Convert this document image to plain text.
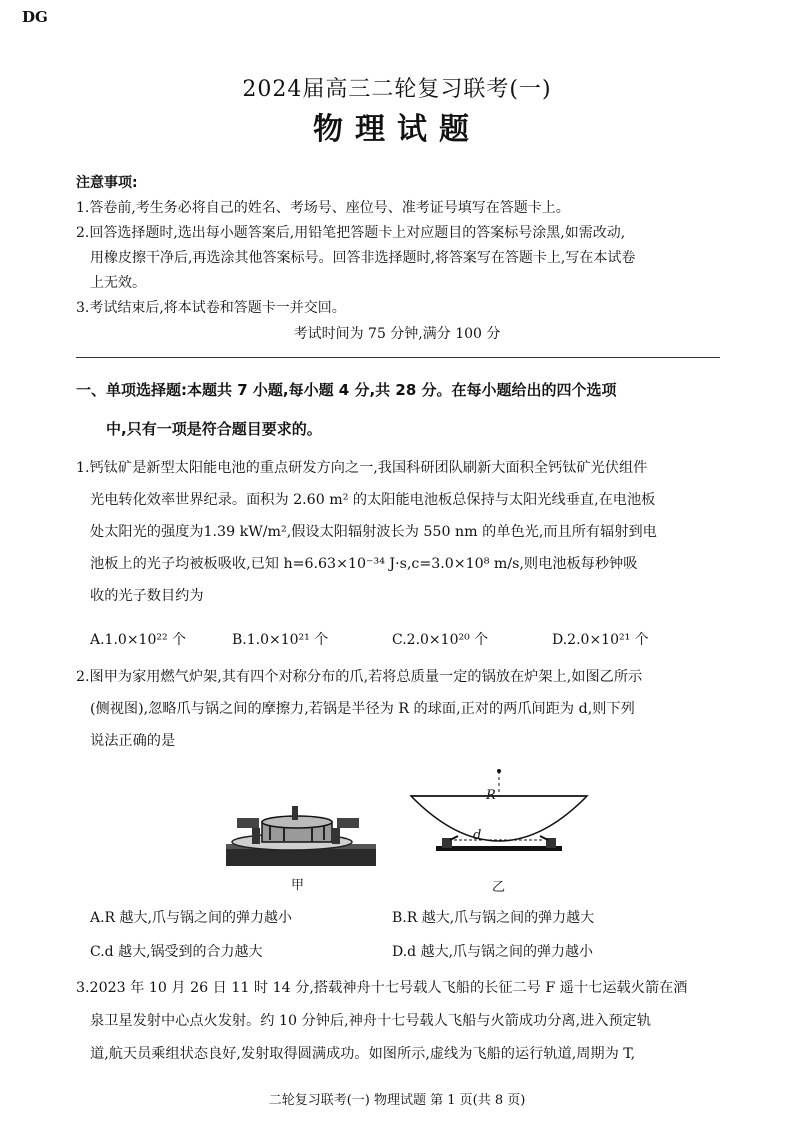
DG
2024届高三二轮复习联考(一)
物理试题
注意事项:
1.答卷前,考生务必将自己的姓名、考场号、座位号、准考证号填写在答题卡上。
2.回答选择题时,选出每小题答案后,用铅笔把答题卡上对应题目的答案标号涂黑,如需改动,
用橡皮擦干净后,再选涂其他答案标号。回答非选择题时,将答案写在答题卡上,写在本试卷
上无效。
3.考试结束后,将本试卷和答题卡一并交回。
考试时间为 75 分钟,满分 100 分
一、单项选择题:本题共 7 小题,每小题 4 分,共 28 分。在每小题给出的四个选项
中,只有一项是符合题目要求的。
1.钙钛矿是新型太阳能电池的重点研发方向之一,我国科研团队刷新大面积全钙钛矿光伏组件
光电转化效率世界纪录。面积为 2.60 m² 的太阳能电池板总保持与太阳光线垂直,在电池板
处太阳光的强度为1.39 kW/m²,假设太阳辐射波长为 550 nm 的单色光,而且所有辐射到电
池板上的光子均被板吸收,已知 h=6.63×10⁻³⁴ J·s,c=3.0×10⁸ m/s,则电池板每秒钟吸
收的光子数目约为
A.1.0×10²² 个	B.1.0×10²¹ 个	C.2.0×10²⁰ 个	D.2.0×10²¹ 个
2.图甲为家用燃气炉架,其有四个对称分布的爪,若将总质量一定的锅放在炉架上,如图乙所示
(侧视图),忽略爪与锅之间的摩擦力,若锅是半径为 R 的球面,正对的两爪间距为 d,则下列
说法正确的是
甲
R
d
乙
A.R 越大,爪与锅之间的弹力越小	B.R 越大,爪与锅之间的弹力越大
C.d 越大,锅受到的合力越大	D.d 越大,爪与锅之间的弹力越小
3.2023 年 10 月 26 日 11 时 14 分,搭载神舟十七号载人飞船的长征二号 F 遥十七运载火箭在酒
泉卫星发射中心点火发射。约 10 分钟后,神舟十七号载人飞船与火箭成功分离,进入预定轨
道,航天员乘组状态良好,发射取得圆满成功。如图所示,虚线为飞船的运行轨道,周期为 T,
二轮复习联考(一) 物理试题 第 1 页(共 8 页)
